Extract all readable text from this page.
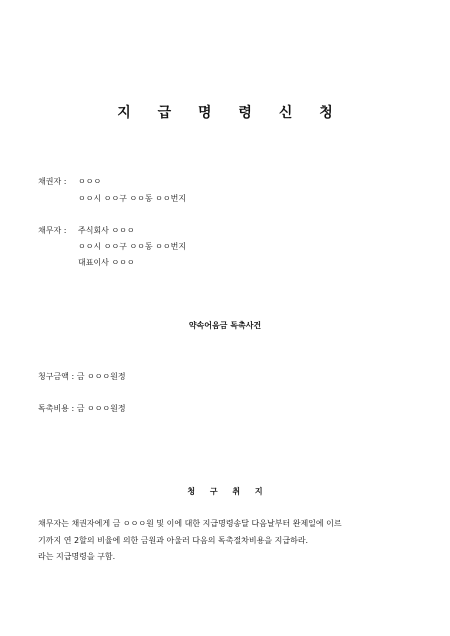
지 급 명 령 신 청
채권자 : ㅇㅇㅇ
ㅇㅇ시 ㅇㅇ구 ㅇㅇ동 ㅇㅇ번지
채무자 : 주식회사 ㅇㅇㅇ
ㅇㅇ시 ㅇㅇ구 ㅇㅇ동 ㅇㅇ번지
대표이사 ㅇㅇㅇ
약속어음금 독촉사건
청구금액 : 금 ㅇㅇㅇ원정
독촉비용 : 금 ㅇㅇㅇ원정
청 구 취 지
채무자는 채권자에게 금 ㅇㅇㅇ원 및 이에 대한 지급명령송달 다음날부터 완제일에 이르
기까지 연 2할의 비율에 의한 금원과 아울러 다음의 독촉절차비용을 지급하라.
라는 지급명령을 구함.
